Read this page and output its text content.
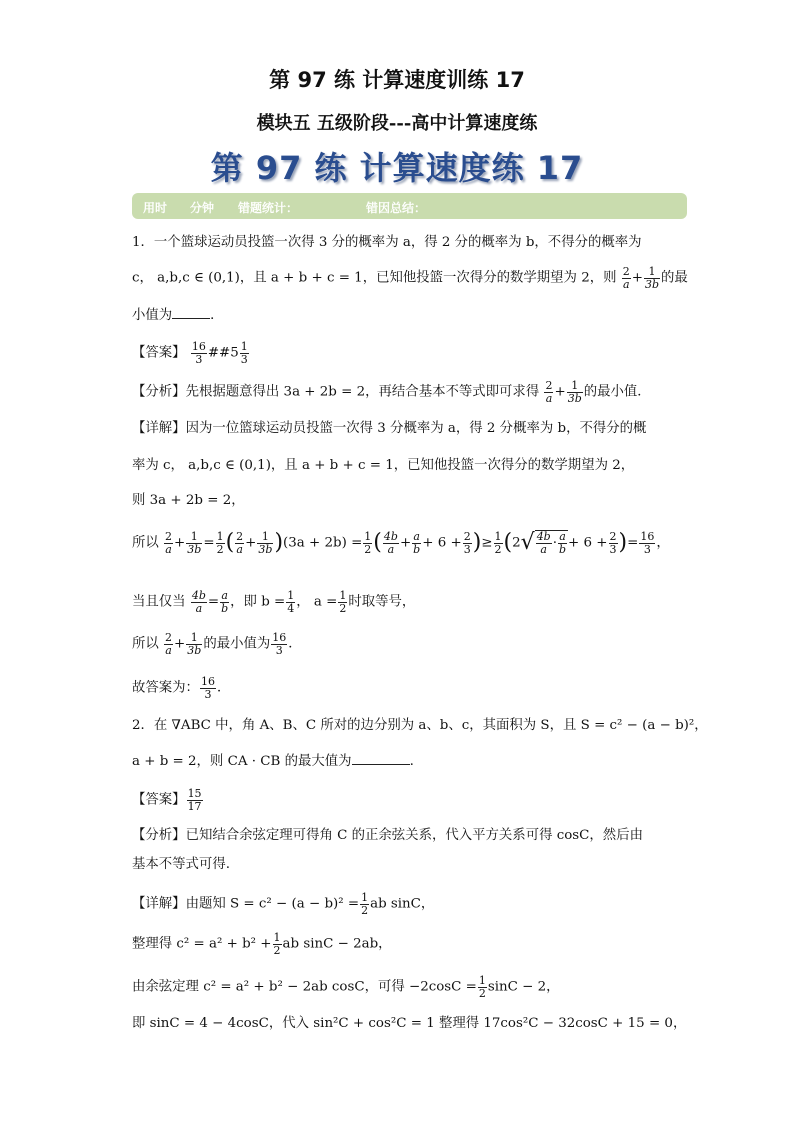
第 97 练 计算速度训练 17
模块五 五级阶段---高中计算速度练
第 97 练 计算速度练 17
用时 分钟 错题统计：	错因总结：
1．一个篮球运动员投篮一次得 3 分的概率为 a，得 2 分的概率为 b，不得分的概率为
c， a,b,c ∈ (0,1)，且 a + b + c = 1，已知他投篮一次得分的数学期望为 2，则 $\frac{2}{a} + \frac{1}{3b}$ 的最
小值为	．
【答案】 $\frac{16}{3}$ ##5 $\frac{1}{3}$
【分析】先根据题意得出 3a + 2b = 2，再结合基本不等式即可求得 $\frac{2}{a} + \frac{1}{3b}$ 的最小值．
【详解】因为一位篮球运动员投篮一次得 3 分概率为 a，得 2 分概率为 b，不得分的概
率为 c， a,b,c ∈ (0,1)，且 a + b + c = 1，已知他投篮一次得分的数学期望为 2，
则 3a + 2b = 2，
所以 $\frac{2}{a} + \frac{1}{3b} = \frac{1}{2}$ ( $\frac{2}{a} + \frac{1}{3b} )(3a + 2b) = \frac{1}{2}$ ( $\frac{4b}{a} + \frac{a}{b} + 6 + \frac{2}{3}$ )≥ $\frac{1}{2} (2√ \frac{4b}{a} \cdot \frac{a}{b} + 6 + \frac{2}{3}$ )= $\frac{16}{3}$ ，
当且仅当 $\frac{4b}{a} = \frac{a}{b}$ ，即 $b = \frac{1}{4}$ ， $a = \frac{1}{2}$ 时取等号，
所以 $\frac{2}{a} + \frac{1}{3b}$ 的最小值为 $\frac{16}{3}$ ．
故答案为： $\frac{16}{3}$ ．
2．在 ∇ABC 中，角 A、B、C 所对的边分别为 a、b、c，其面积为 S，且 S = c² − (a − b)²，
a + b = 2，则 CA · CB 的最大值为	.
【答案】 $\frac{15}{17}$
【分析】已知结合余弦定理可得角 C 的正余弦关系，代入平方关系可得 cosC，然后由
基本不等式可得.
【详解】由题知 $S = c^2 - (a - b)^2 = \frac{1}{2}$ ab sinC，
整理得 $c^2 = a^2 + b^2 + \frac{1}{2}$ ab sinC − 2ab，
由余弦定理 c² = a² + b² − 2ab cosC，可得 $-2\cos C = \frac{1}{2}$ sinC − 2，
即 sinC = 4 − 4cosC，代入 sin²C + cos²C = 1 整理得 17cos²C − 32cosC + 15 = 0，
